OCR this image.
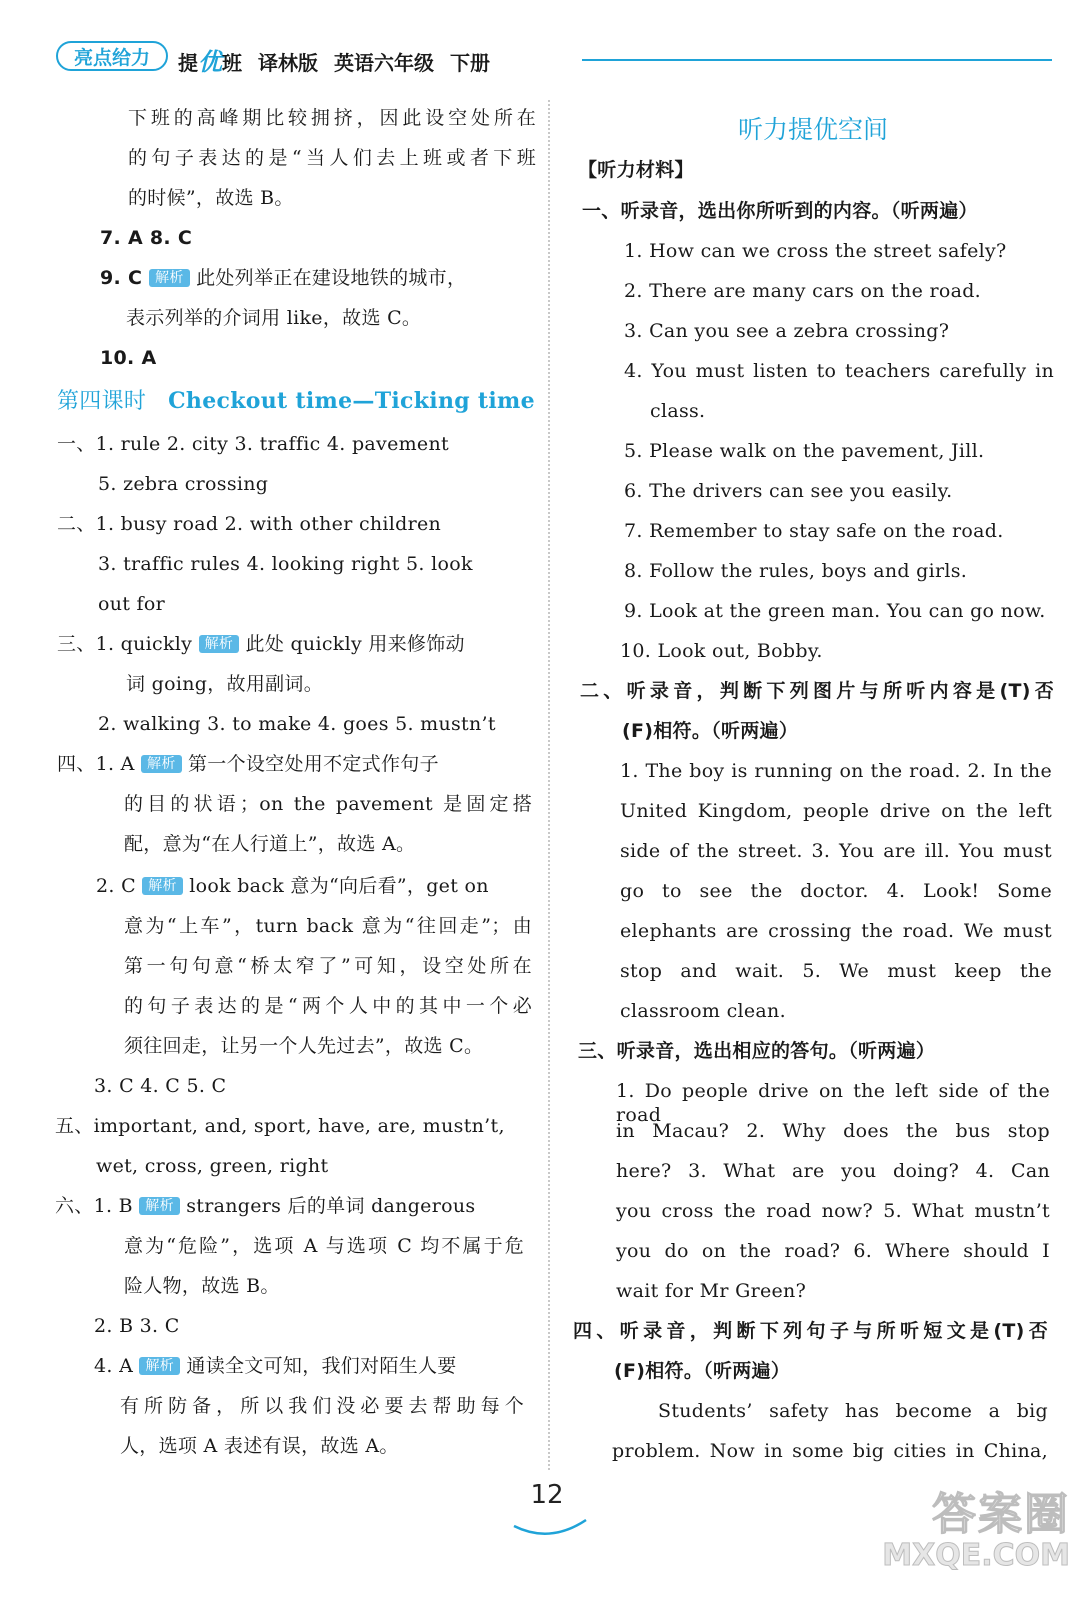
亮点给力	提优班 译林版 英语六年级 下册
下班的高峰期比较拥挤，因此设空处所在
的句子表达的是“当人们去上班或者下班
的时候”，故选 B。
7. A 8. C
9. C 解析 此处列举正在建设地铁的城市，
表示列举的介词用 like，故选 C。
10. A
第四课时 Checkout time—Ticking time
一、1. rule 2. city 3. traffic 4. pavement
5. zebra crossing
二、1. busy road 2. with other children
3. traffic rules 4. looking right 5. look
out for
三、1. quickly 解析 此处 quickly 用来修饰动
词 going，故用副词。
2. walking 3. to make 4. goes 5. mustn’t
四、1. A 解析 第一个设空处用不定式作句子
的目的状语；on the pavement 是固定搭
配，意为“在人行道上”，故选 A。
2. C 解析 look back 意为“向后看”，get on
意为“上车”，turn back 意为“往回走”；由
第一句句意“桥太窄了”可知，设空处所在
的句子表达的是“两个人中的其中一个必
须往回走，让另一个人先过去”，故选 C。
3. C 4. C 5. C
五、important, and, sport, have, are, mustn’t,
wet, cross, green, right
六、1. B 解析 strangers 后的单词 dangerous
意为“危险”，选项 A 与选项 C 均不属于危
险人物，故选 B。
2. B 3. C
4. A 解析 通读全文可知，我们对陌生人要
有所防备，所以我们没必要去帮助每个
人，选项 A 表述有误，故选 A。
听力提优空间
【听力材料】
一、听录音，选出你所听到的内容。（听两遍）
1. How can we cross the street safely?
2. There are many cars on the road.
3. Can you see a zebra crossing?
4. You must listen to teachers carefully in
class.
5. Please walk on the pavement, Jill.
6. The drivers can see you easily.
7. Remember to stay safe on the road.
8. Follow the rules, boys and girls.
9. Look at the green man. You can go now.
10. Look out, Bobby.
二、听录音，判断下列图片与所听内容是(T)否
(F)相符。（听两遍）
1. The boy is running on the road. 2. In the
United Kingdom, people drive on the left
side of the street. 3. You are ill. You must
go to see the doctor. 4. Look! Some
elephants are crossing the road. We must
stop and wait. 5. We must keep the
classroom clean.
三、听录音，选出相应的答句。（听两遍）
1. Do people drive on the left side of the road
in Macau? 2. Why does the bus stop
here? 3. What are you doing? 4. Can
you cross the road now? 5. What mustn’t
you do on the road? 6. Where should I
wait for Mr Green?
四、听录音，判断下列句子与所听短文是(T)否
(F)相符。（听两遍）
Students’ safety has become a big
problem. Now in some big cities in China,
12	答案圈
MXQE.COM
